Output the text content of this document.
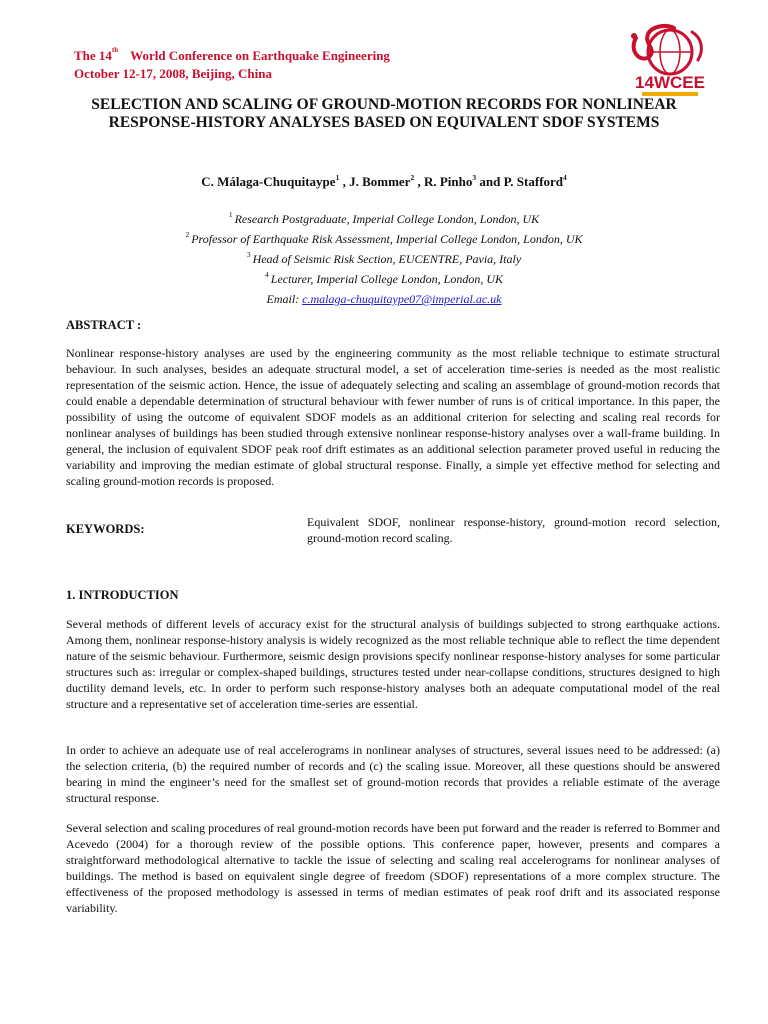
The 14th World Conference on Earthquake Engineering
October 12-17, 2008, Beijing, China	14WCEE
SELECTION AND SCALING OF GROUND-MOTION RECORDS FOR NONLINEAR RESPONSE-HISTORY ANALYSES BASED ON EQUIVALENT SDOF SYSTEMS
C. Málaga-Chuquitaype$^1$ , J. Bommer$^2$ , R. Pinho$^3$ and P. Stafford$^4$
$^1$ Research Postgraduate, Imperial College London, London, UK
$^2$ Professor of Earthquake Risk Assessment, Imperial College London, London, UK
$^3$ Head of Seismic Risk Section, EUCENTRE, Pavia, Italy
$^4$ Lecturer, Imperial College London, London, UK
Email: c.malaga-chuquitaype07@imperial.ac.uk
ABSTRACT :
Nonlinear response-history analyses are used by the engineering community as the most reliable technique to estimate structural behaviour. In such analyses, besides an adequate structural model, a set of acceleration time-series is needed as the most realistic representation of the seismic action. Hence, the issue of adequately selecting and scaling an assemblage of ground-motion records that could enable a dependable determination of structural behaviour with fewer number of runs is of critical importance. In this paper, the possibility of using the outcome of equivalent SDOF models as an additional criterion for selecting and scaling real records for nonlinear analyses of buildings has been studied through extensive nonlinear response-history analyses over a wall-frame building. In general, the inclusion of equivalent SDOF peak roof drift estimates as an additional selection parameter proved useful in reducing the variability and improving the median estimate of global structural response. Finally, a simple yet effective method for selecting and scaling ground-motion records is proposed.
KEYWORDS:	Equivalent SDOF, nonlinear response-history, ground-motion record selection, ground-motion record scaling.
1. INTRODUCTION
Several methods of different levels of accuracy exist for the structural analysis of buildings subjected to strong earthquake actions. Among them, nonlinear response-history analysis is widely recognized as the most reliable technique able to reflect the time dependent nature of the seismic behaviour. Furthermore, seismic design provisions specify nonlinear response-history analyses for some particular structures such as: irregular or complex-shaped buildings, structures tested under near-collapse conditions, structures designed to high ductility demand levels, etc. In order to perform such response-history analyses both an adequate computational model of the real structure and a representative set of acceleration time-series are essential.
In order to achieve an adequate use of real accelerograms in nonlinear analyses of structures, several issues need to be addressed: (a) the selection criteria, (b) the required number of records and (c) the scaling issue. Moreover, all these questions should be answered bearing in mind the engineer’s need for the smallest set of ground-motion records that provides a reliable estimate of the average structural response.
Several selection and scaling procedures of real ground-motion records have been put forward and the reader is referred to Bommer and Acevedo (2004) for a thorough review of the possible options. This conference paper, however, presents and compares a straightforward methodological alternative to tackle the issue of selecting and scaling real accelerograms for nonlinear analyses of buildings. The method is based on equivalent single degree of freedom (SDOF) representations of a more complex structure. The effectiveness of the proposed methodology is assessed in terms of median estimates of peak roof drift and its associated response variability.
